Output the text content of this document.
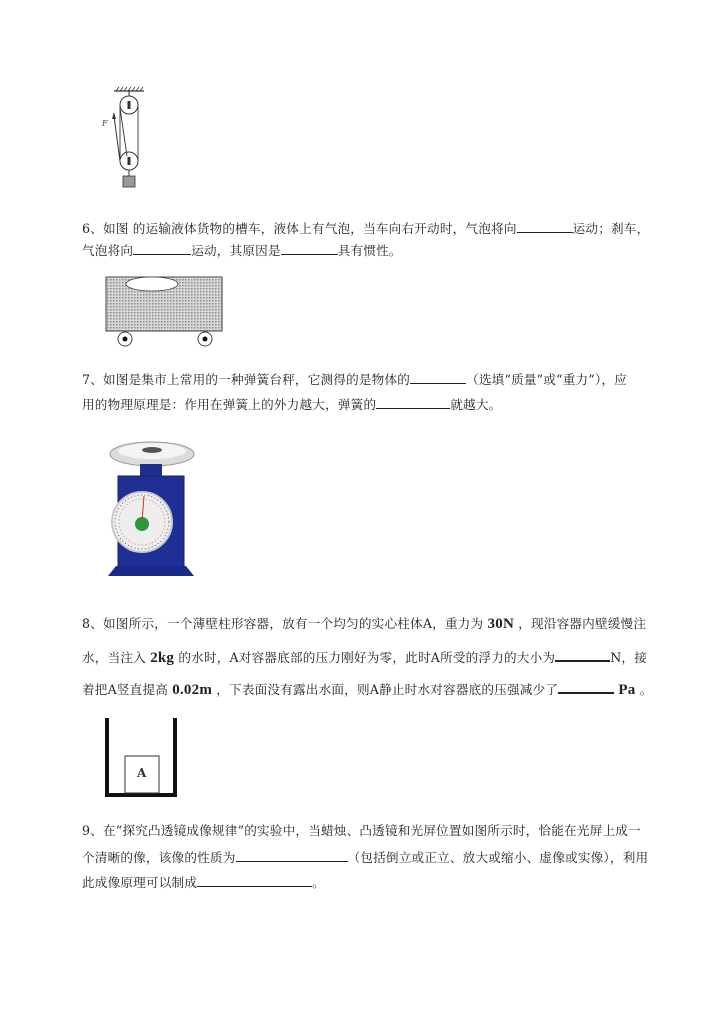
F
6、如图 的运输液体货物的槽车，液体上有气泡，当车向右开动时，气泡将向	运动；刹车，
气泡将向	运动，其原因是	具有惯性。
7、如图是集市上常用的一种弹簧台秤，它测得的是物体的	（选填“质量”或“重力”），应
用的物理原理是：作用在弹簧上的外力越大，弹簧的	就越大。
8、如图所示，一个薄壁柱形容器，放有一个均匀的实心柱体A，重力为 30N ，现沿容器内壁缓慢注
水，当注入 2kg 的水时，A对容器底部的压力刚好为零，此时A所受的浮力的大小为	N，接
着把A竖直提高 0.02m ，下表面没有露出水面，则A静止时水对容器底的压强减少了	Pa 。
A
9、在“探究凸透镜成像规律”的实验中，当蜡烛、凸透镜和光屏位置如图所示时，恰能在光屏上成一
个清晰的像，该像的性质为	（包括倒立或正立、放大或缩小、虚像或实像），利用
此成像原理可以制成	。
